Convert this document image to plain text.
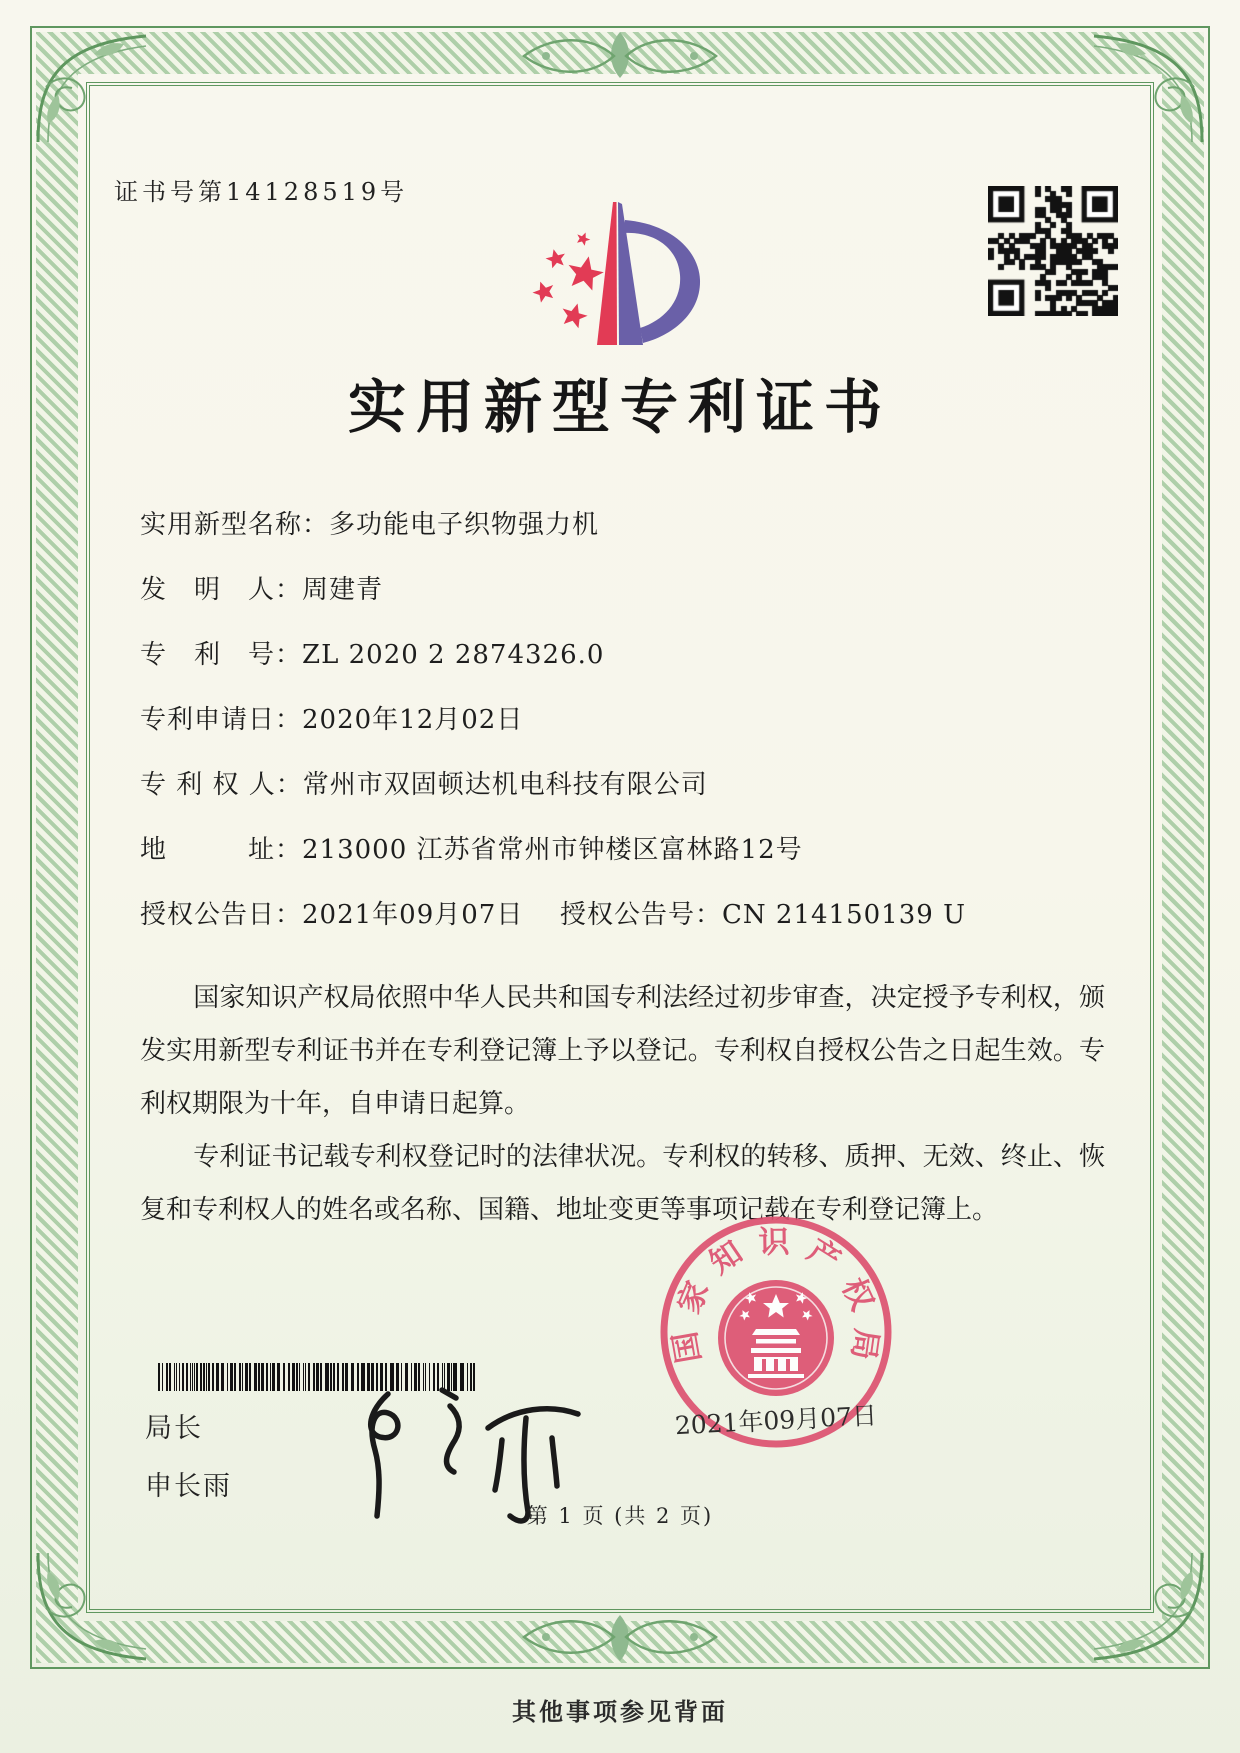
证书号第14128519号
实用新型专利证书
实用新型名称：多功能电子织物强力机
发　明　人：周建青
专　利　号：ZL 2020 2 2874326.0
专利申请日：2020年12月02日
专 利 权 人：常州市双固顿达机电科技有限公司
地　　　址：213000 江苏省常州市钟楼区富林路12号
授权公告日：2021年09月07日 授权公告号：CN 214150139 U

国家知识产权局依照中华人民共和国专利法经过初步审查，决定授予专利权，颁发实用新型专利证书并在专利登记簿上予以登记。专利权自授权公告之日起生效。专利权期限为十年，自申请日起算。

专利证书记载专利权登记时的法律状况。专利权的转移、质押、无效、终止、恢复和专利权人的姓名或名称、国籍、地址变更等事项记载在专利登记簿上。

局长
申长雨
国
家
知 识 产
权
局
2021年09月07日
第 1 页 (共 2 页)
其他事项参见背面
